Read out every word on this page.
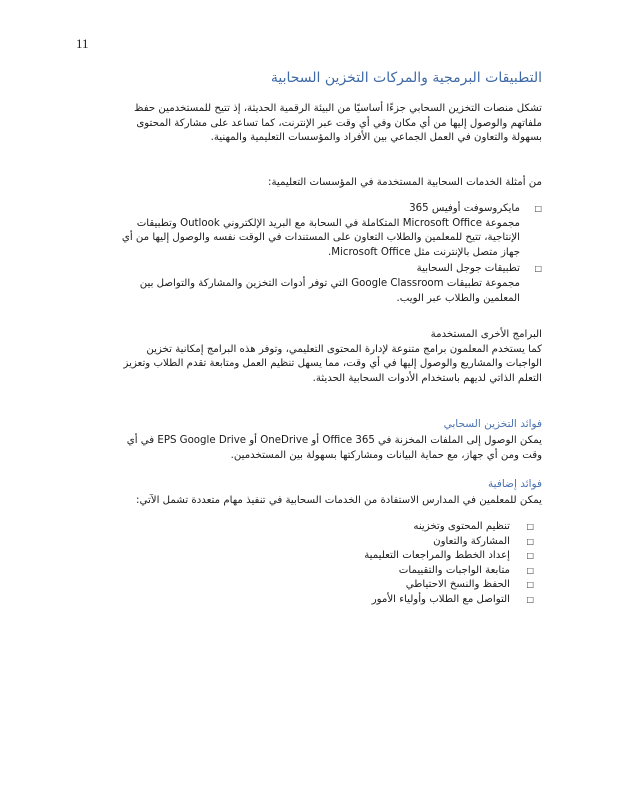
11
التطبيقات البرمجية والمركات التخزين السحابية

تشكل منصات التخزين السحابي جزءًا أساسيًا من البيئة الرقمية الحديثة، إذ تتيح للمستخدمين حفظ ملفاتهم والوصول إليها من أي مكان وفي أي وقت عبر الإنترنت، كما تساعد على مشاركة المحتوى بسهولة والتعاون في العمل الجماعي بين الأفراد والمؤسسات التعليمية والمهنية.

من أمثلة الخدمات السحابية المستخدمة في المؤسسات التعليمية:

□ مايكروسوفت أوفيس 365
مجموعة Microsoft Office المتكاملة في السحابة مع البريد الإلكتروني Outlook وتطبيقات الإنتاجية، تتيح للمعلمين والطلاب التعاون على المستندات في الوقت نفسه والوصول إليها من أي جهاز متصل بالإنترنت مثل Microsoft Office.
□ تطبيقات جوجل السحابية
مجموعة تطبيقات Google Classroom التي توفر أدوات التخزين والمشاركة والتواصل بين المعلمين والطلاب عبر الويب.

البرامج الأخرى المستخدمة

كما يستخدم المعلمون برامج متنوعة لإدارة المحتوى التعليمي، وتوفر هذه البرامج إمكانية تخزين الواجبات والمشاريع والوصول إليها في أي وقت، مما يسهل تنظيم العمل ومتابعة تقدم الطلاب وتعزيز التعلم الذاتي لديهم باستخدام الأدوات السحابية الحديثة.

فوائد التخزين السحابي

يمكن الوصول إلى الملفات المخزنة في Office 365 أو OneDrive أو EPS Google Drive في أي وقت ومن أي جهاز، مع حماية البيانات ومشاركتها بسهولة بين المستخدمين.

فوائد إضافية

يمكن للمعلمين في المدارس الاستفادة من الخدمات السحابية في تنفيذ مهام متعددة تشمل الآتي:

□ تنظيم المحتوى وتخزينه
□ المشاركة والتعاون
□ إعداد الخطط والمراجعات التعليمية
□ متابعة الواجبات والتقييمات
□ الحفظ والنسخ الاحتياطي
□ التواصل مع الطلاب وأولياء الأمور
